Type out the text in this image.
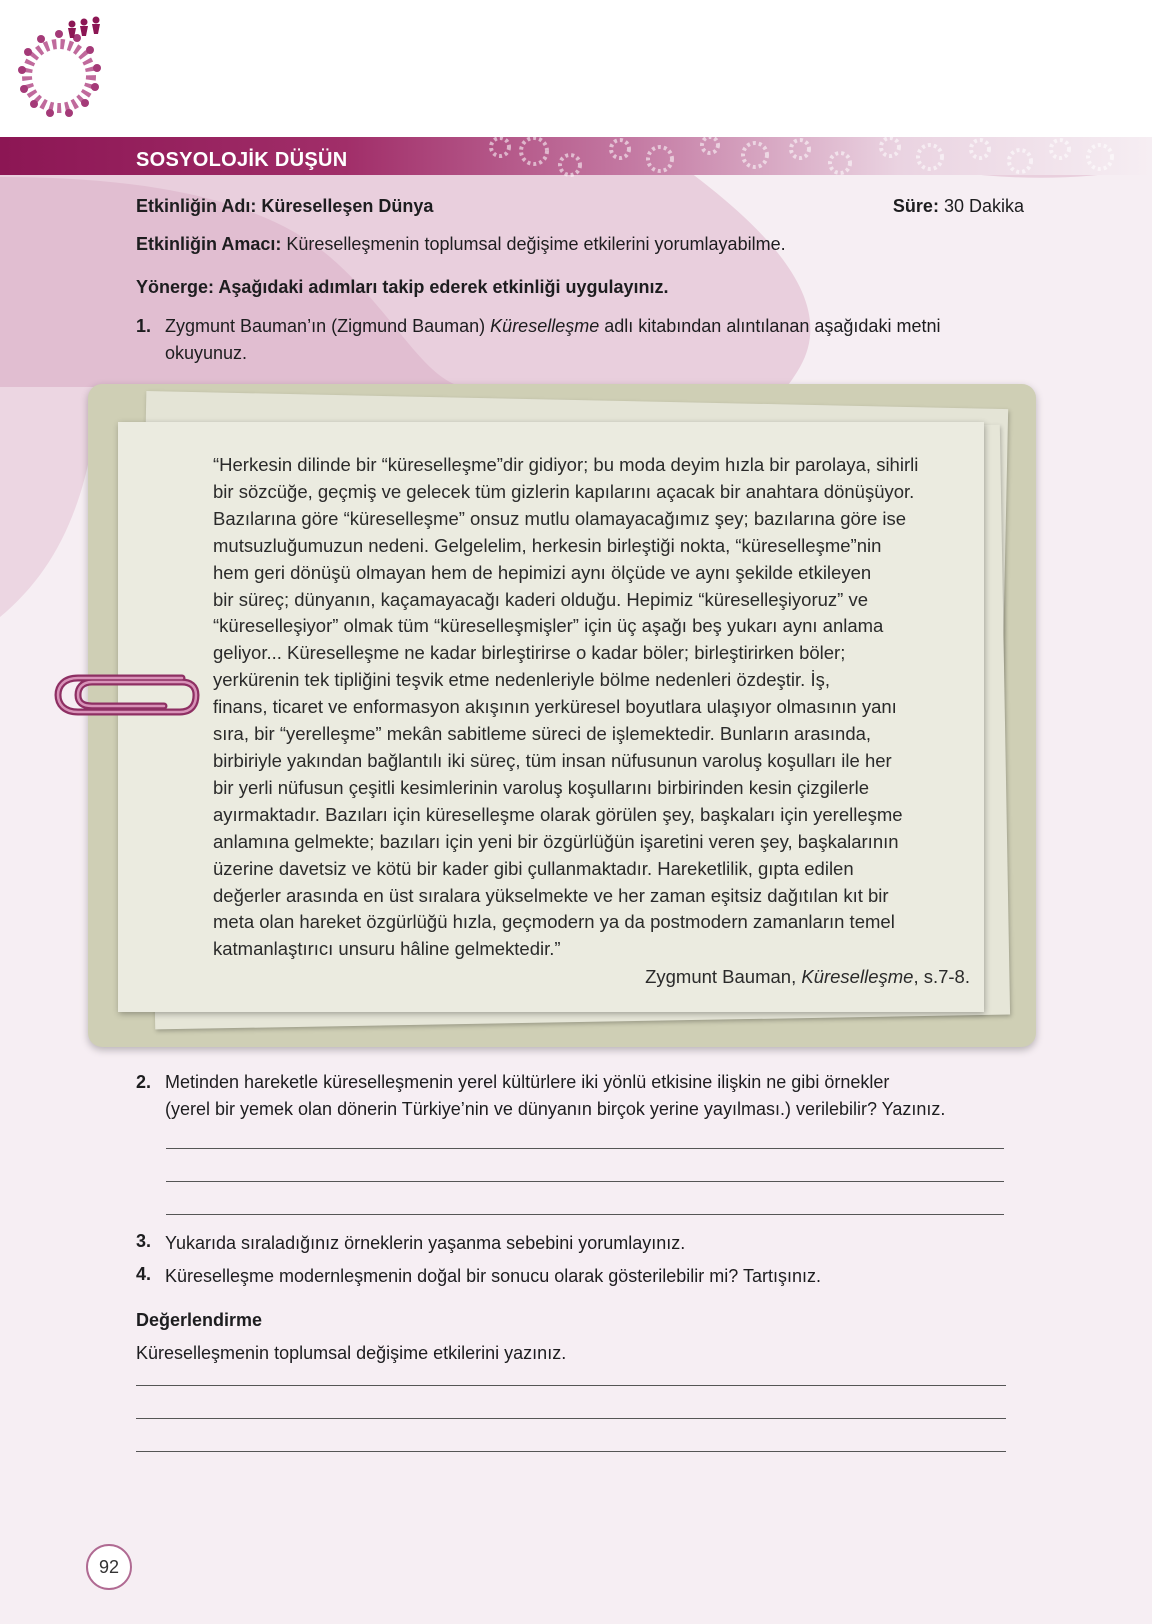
SOSYOLOJİK DÜŞÜN
Etkinliğin Adı: Küreselleşen Dünya	Süre: 30 Dakika
Etkinliğin Amacı: Küreselleşmenin toplumsal değişime etkilerini yorumlayabilme.
Yönerge: Aşağıdaki adımları takip ederek etkinliği uygulayınız.
1. Zygmunt Bauman’ın (Zigmund Bauman) Küreselleşme adlı kitabından alıntılanan aşağıdaki metni
okuyunuz.
“Herkesin dilinde bir “küreselleşme”dir gidiyor; bu moda deyim hızla bir parolaya, sihirli
bir sözcüğe, geçmiş ve gelecek tüm gizlerin kapılarını açacak bir anahtara dönüşüyor.
Bazılarına göre “küreselleşme” onsuz mutlu olamayacağımız şey; bazılarına göre ise
mutsuzluğumuzun nedeni. Gelgelelim, herkesin birleştiği nokta, “küreselleşme”nin
hem geri dönüşü olmayan hem de hepimizi aynı ölçüde ve aynı şekilde etkileyen
bir süreç; dünyanın, kaçamayacağı kaderi olduğu. Hepimiz “küreselleşiyoruz” ve
“küreselleşiyor” olmak tüm “küreselleşmişler” için üç aşağı beş yukarı aynı anlama
geliyor... Küreselleşme ne kadar birleştirirse o kadar böler; birleştirirken böler;
yerkürenin tek tipliğini teşvik etme nedenleriyle bölme nedenleri özdeştir. İş,
finans, ticaret ve enformasyon akışının yerküresel boyutlara ulaşıyor olmasının yanı
sıra, bir “yerelleşme” mekân sabitleme süreci de işlemektedir. Bunların arasında,
birbiriyle yakından bağlantılı iki süreç, tüm insan nüfusunun varoluş koşulları ile her
bir yerli nüfusun çeşitli kesimlerinin varoluş koşullarını birbirinden kesin çizgilerle
ayırmaktadır. Bazıları için küreselleşme olarak görülen şey, başkaları için yerelleşme
anlamına gelmekte; bazıları için yeni bir özgürlüğün işaretini veren şey, başkalarının
üzerine davetsiz ve kötü bir kader gibi çullanmaktadır. Hareketlilik, gıpta edilen
değerler arasında en üst sıralara yükselmekte ve her zaman eşitsiz dağıtılan kıt bir
meta olan hareket özgürlüğü hızla, geçmodern ya da postmodern zamanların temel
katmanlaştırıcı unsuru hâline gelmektedir.”
Zygmunt Bauman, Küreselleşme, s.7-8.
2. Metinden hareketle küreselleşmenin yerel kültürlere iki yönlü etkisine ilişkin ne gibi örnekler
(yerel bir yemek olan dönerin Türkiye’nin ve dünyanın birçok yerine yayılması.) verilebilir? Yazınız.
3. Yukarıda sıraladığınız örneklerin yaşanma sebebini yorumlayınız.
4. Küreselleşme modernleşmenin doğal bir sonucu olarak gösterilebilir mi? Tartışınız.
Değerlendirme
Küreselleşmenin toplumsal değişime etkilerini yazınız.
92
